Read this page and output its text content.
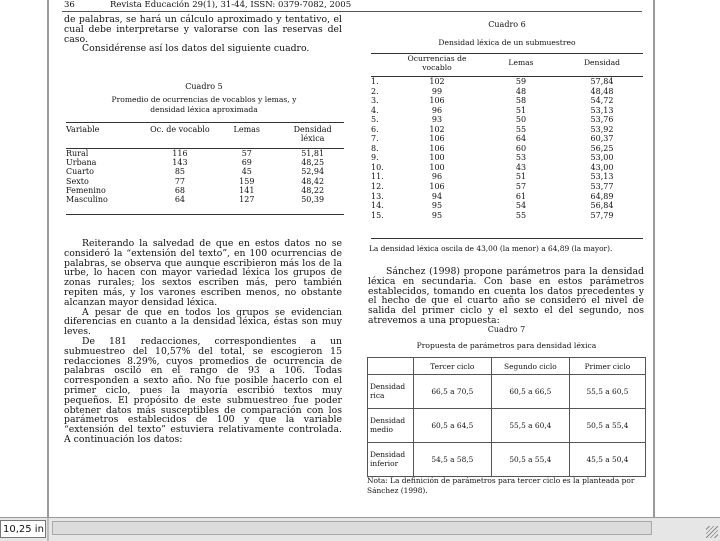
36	Revista Educación 29(1), 31-44, ISSN: 0379-7082, 2005

de palabras, se hará un cálculo aproximado y tentativo, el cual debe interpretarse y valorarse con las reservas del caso.

Considérense así los datos del siguiente cuadro.

Cuadro 5
Promedio de ocurrencias de vocablos y lemas, y densidad léxica aproximada
Variable	Oc. de vocablo	Lemas	Densidad léxica

Rural	116	57	51,81
Urbana	143	69	48,25
Cuarto	85	45	52,94
Sexto	77	159	48,42
Femenino	68	141	48,22
Masculino	64	127	50,39

Reiterando la salvedad de que en estos datos no se consideró la “extensión del texto”, en 100 ocurrencias de palabras, se observa que aunque escribieron más los de la urbe, lo hacen con mayor variedad léxica los grupos de zonas rurales; los sextos escriben más, pero también repiten más, y los varones escriben menos, no obstante alcanzan mayor densidad léxica.

A pesar de que en todos los grupos se evidencian diferencias en cuanto a la densidad léxica, éstas son muy leves.

De 181 redacciones, correspondientes a un submuestreo del 10,57% del total, se escogieron 15 redacciones 8.29%, cuyos promedios de ocurrencia de palabras osciló en el rango de 93 a 106. Todas corresponden a sexto año. No fue posible hacerlo con el primer ciclo, pues la mayoría escribió textos muy pequeños. El propósito de este submuestreo fue poder obtener datos más susceptibles de comparación con los parámetros establecidos de 100 y que la variable “extensión del texto” estuviera relativamente controlada. A continuación los datos:

Cuadro 6
Densidad léxica de un submuestreo
	Ocurrencias de vocablo	Lemas	Densidad

1.	102	59	57,84
2.	99	48	48,48
3.	106	58	54,72
4.	96	51	53,13
5.	93	50	53,76
6.	102	55	53,92
7.	106	64	60,37
8.	106	60	56,25
9.	100	53	53,00
10.	100	43	43,00
11.	96	51	53,13
12.	106	57	53,77
13.	94	61	64,89
14.	95	54	56,84
15.	95	55	57,79
La densidad léxica oscila de 43,00 (la menor) a 64,89 (la mayor).
Sánchez (1998) propone parámetros para la densidad léxica en secundaria. Con base en estos parámetros establecidos, tomando en cuenta los datos precedentes y el hecho de que el cuarto año se consideró el nivel de salida del primer ciclo y el sexto el del segundo, nos atrevemos a una propuesta:
Cuadro 7
Propuesta de parámetros para densidad léxica
	Tercer ciclo	Segundo ciclo	Primer ciclo
Densidad rica	66,5 a 70,5	60,5 a 66,5	55,5 a 60,5
Densidad medio	60,5 a 64,5	55,5 a 60,4	50,5 a 55,4
Densidad inferior	54,5 a 58,5	50,5 a 55,4	45,5 a 50,4
Nota: La definición de parámetros para tercer ciclo es la planteada por Sánchez (1998).
10,25 in
